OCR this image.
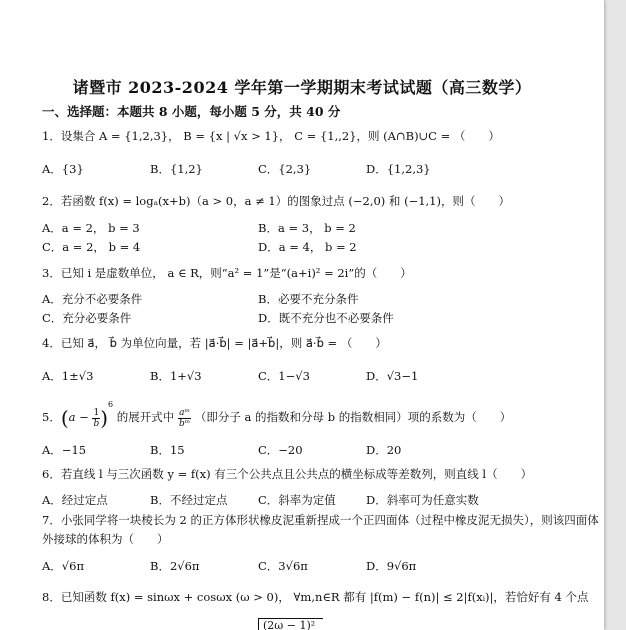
诸暨市 2023-2024 学年第一学期期末考试试题（高三数学）
一、选择题：本题共 8 小题，每小题 5 分，共 40 分
1．设集合 A = {1,2,3}， B = {x | √x > 1}， C = {1,,2}，则 (A∩B)∪C = （　　）
A．{3}	B．{1,2}	C．{2,3}	D．{1,2,3}
2．若函数 f(x) = logₐ(x+b)（a > 0，a ≠ 1）的图象过点 (−2,0) 和 (−1,1)，则（　　）
A．a = 2， b = 3	B．a = 3， b = 2
C．a = 2， b = 4	D．a = 4， b = 2
3．已知 i 是虚数单位， a ∈ R，则“a² = 1”是“(a+i)² = 2i”的（　　）
A．充分不必要条件	B．必要不充分条件
C．充分必要条件	D．既不充分也不必要条件
4．已知 a⃗， b⃗ 为单位向量，若 |a⃗·b⃗| = |a⃗+b⃗|，则 a⃗·b⃗ = （　　）
A．1±√3	B．1+√3	C．1−√3	D．√3−1
5．$(a - \frac{1}{b} )^6$ 的展开式中 $\frac{\text{aᵐ}}{\text{bᵐ}}$ （即分子 a 的指数和分母 b 的指数相同）项的系数为（　　）
A．−15	B．15	C．−20	D．20
6．若直线 l 与三次函数 y = f(x) 有三个公共点且公共点的横坐标成等差数列，则直线 l（　　）
A．经过定点	B．不经过定点	C．斜率为定值	D．斜率可为任意实数
7．小张同学将一块棱长为 2 的正方体形状橡皮泥重新捏成一个正四面体（过程中橡皮泥无损失），则该四面体
外接球的体积为（　　）
A．√6π	B．2√6π	C．3√6π	D．9√6π
8．已知函数 f(x) = sinωx + cosωx (ω > 0)， ∀m,n∈R 都有 |f(m) − f(n)| ≤ 2|f(xᵢ)|，若恰好有 4 个点
(2ω − 1)²
